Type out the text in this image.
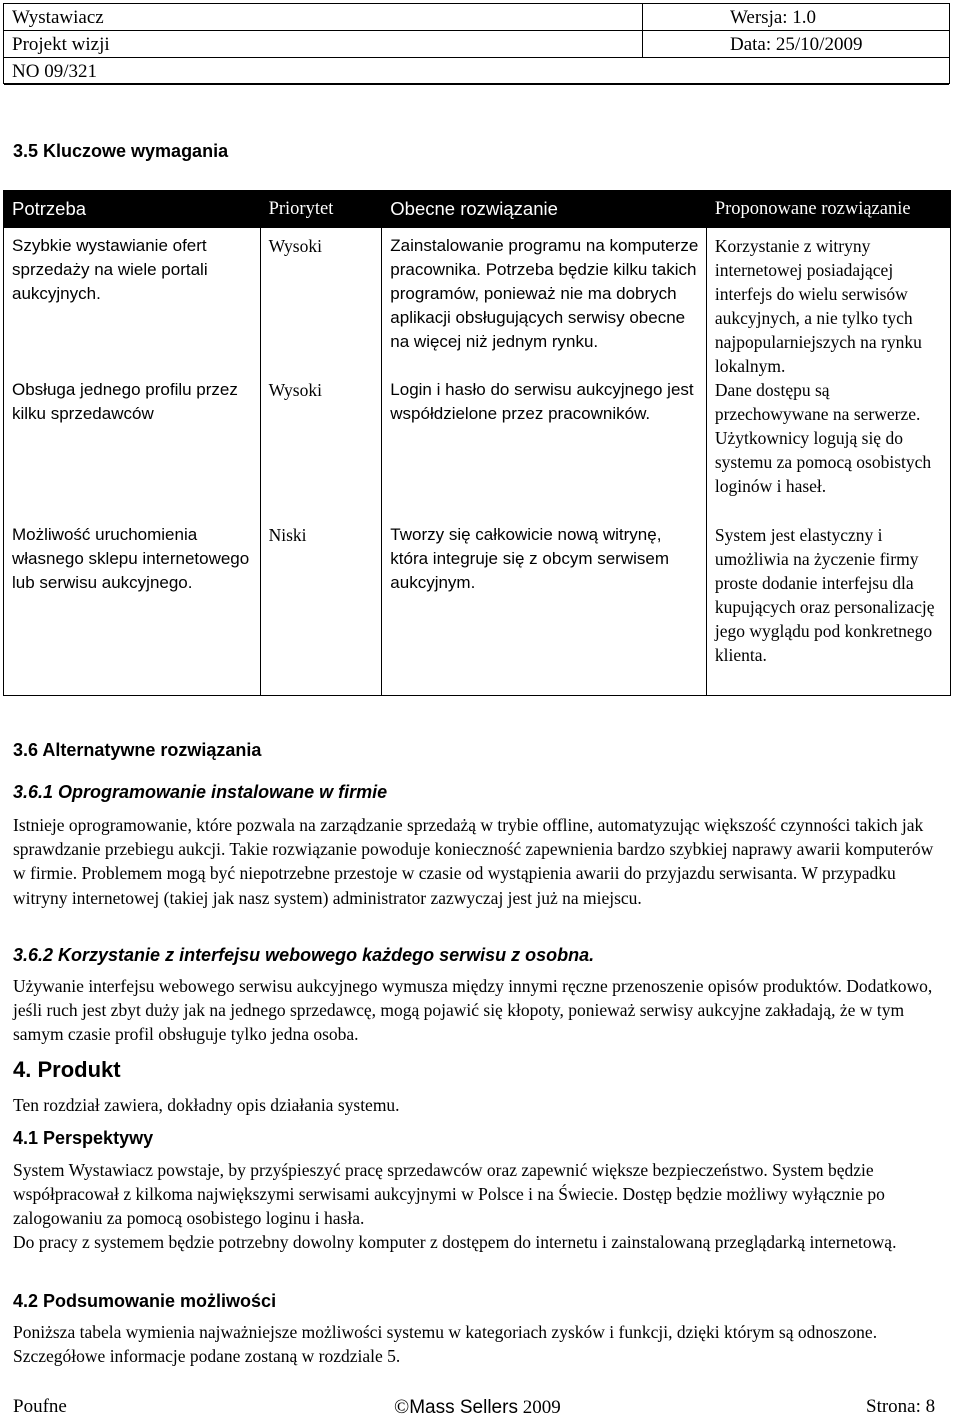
Wystawiacz	Wersja: 1.0
Projekt wizji	Data: 25/10/2009
NO 09/321
3.5 Kluczowe wymagania
Potrzeba	Priorytet	Obecne rozwiązanie	Proponowane rozwiązanie
Szybkie wystawianie ofert sprzedaży na wiele portali aukcyjnych.	Wysoki	Zainstalowanie programu na komputerze pracownika. Potrzeba będzie kilku takich programów, ponieważ nie ma dobrych aplikacji obsługujących serwisy obecne na więcej niż jednym rynku.	Korzystanie z witryny internetowej posiadającej interfejs do wielu serwisów aukcyjnych, a nie tylko tych najpopularniejszych na rynku lokalnym.
Obsługa jednego profilu przez kilku sprzedawców	Wysoki	Login i hasło do serwisu aukcyjnego jest współdzielone przez pracowników.	Dane dostępu są przechowywane na serwerze. Użytkownicy logują się do systemu za pomocą osobistych loginów i haseł.
Możliwość uruchomienia własnego sklepu internetowego lub serwisu aukcyjnego.	Niski	Tworzy się całkowicie nową witrynę, która integruje się z obcym serwisem aukcyjnym.	System jest elastyczny i umożliwia na życzenie firmy proste dodanie interfejsu dla kupujących oraz personalizację jego wyglądu pod konkretnego klienta.
3.6 Alternatywne rozwiązania
3.6.1 Oprogramowanie instalowane w firmie

Istnieje oprogramowanie, które pozwala na zarządzanie sprzedażą w trybie offline, automatyzując większość czynności takich jak sprawdzanie przebiegu aukcji. Takie rozwiązanie powoduje konieczność zapewnienia bardzo szybkiej naprawy awarii komputerów w firmie. Problemem mogą być niepotrzebne przestoje w czasie od wystąpienia awarii do przyjazdu serwisanta. W przypadku witryny internetowej (takiej jak nasz system) administrator zazwyczaj jest już na miejscu.

3.6.2 Korzystanie z interfejsu webowego każdego serwisu z osobna.

Używanie interfejsu webowego serwisu aukcyjnego wymusza między innymi ręczne przenoszenie opisów produktów. Dodatkowo, jeśli ruch jest zbyt duży jak na jednego sprzedawcę, mogą pojawić się kłopoty, ponieważ serwisy aukcyjne zakładają, że w tym samym czasie profil obsługuje tylko jedna osoba.

4. Produkt

Ten rozdział zawiera, dokładny opis działania systemu.

4.1 Perspektywy

System Wystawiacz powstaje, by przyśpieszyć pracę sprzedawców oraz zapewnić większe bezpieczeństwo. System będzie współpracował z kilkoma największymi serwisami aukcyjnymi w Polsce i na Świecie. Dostęp będzie możliwy wyłącznie po zalogowaniu za pomocą osobistego loginu i hasła.

Do pracy z systemem będzie potrzebny dowolny komputer z dostępem do internetu i zainstalowaną przeglądarką internetową.

4.2 Podsumowanie możliwości

Poniższa tabela wymienia najważniejsze możliwości systemu w kategoriach zysków i funkcji, dzięki którym są odnoszone. Szczegółowe informacje podane zostaną w rozdziale 5.

Poufne	©Mass Sellers 2009	Strona: 8
